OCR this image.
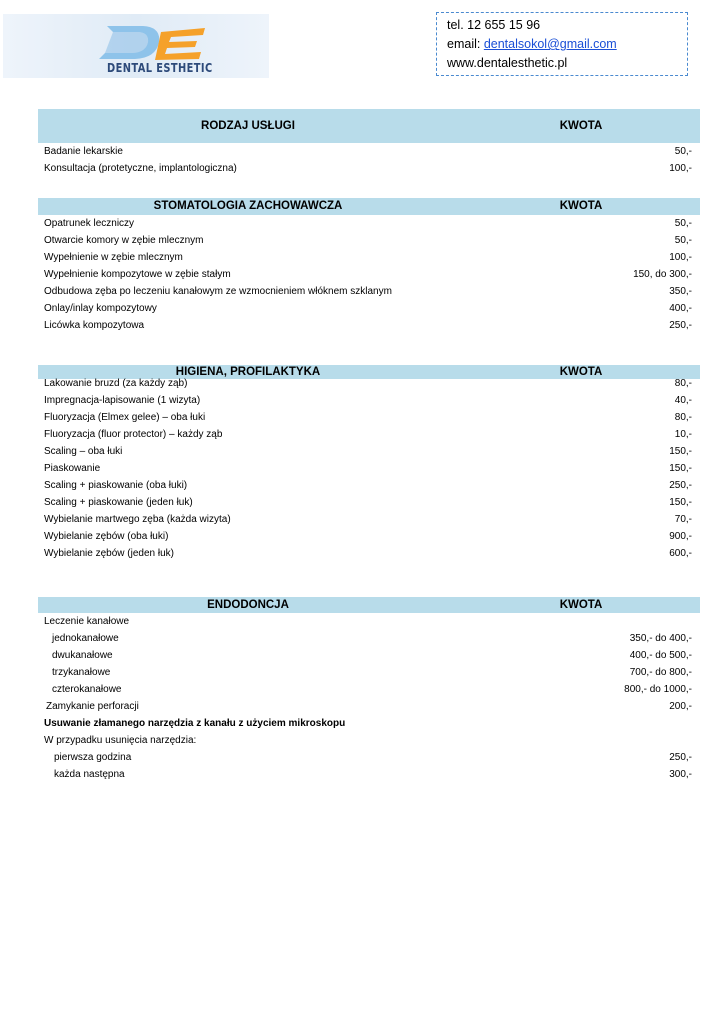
DENTAL ESTHETIC
tel. 12 655 15 96
email: dentalsokol@gmail.com
www.dentalesthetic.pl
RODZAJ USŁUGI	KWOTA
Badanie lekarskie	50,-
Konsultacja (protetyczne, implantologiczna)	100,-
STOMATOLOGIA ZACHOWAWCZA	KWOTA
Opatrunek leczniczy	50,-
Otwarcie komory w zębie mlecznym	50,-
Wypełnienie w zębie mlecznym	100,-
Wypełnienie kompozytowe w zębie stałym	150, do 300,-
Odbudowa zęba po leczeniu kanałowym ze wzmocnieniem włóknem szklanym	350,-
Onlay/inlay kompozytowy	400,-
Licówka kompozytowa	250,-
HIGIENA, PROFILAKTYKA	KWOTA
Lakowanie bruzd (za każdy ząb)	80,-
Impregnacja-lapisowanie (1 wizyta)	40,-
Fluoryzacja (Elmex gelee) – oba łuki	80,-
Fluoryzacja (fluor protector) – każdy ząb	10,-
Scaling – oba łuki	150,-
Piaskowanie	150,-
Scaling + piaskowanie (oba łuki)	250,-
Scaling + piaskowanie (jeden łuk)	150,-
Wybielanie martwego zęba (każda wizyta)	70,-
Wybielanie zębów (oba łuki)	900,-
Wybielanie zębów (jeden łuk)	600,-
ENDODONCJA	KWOTA
Leczenie kanałowe
jednokanałowe	350,- do 400,-
dwukanałowe	400,- do 500,-
trzykanałowe	700,- do 800,-
czterokanałowe	800,- do 1000,-
Zamykanie perforacji	200,-
Usuwanie złamanego narzędzia z kanału z użyciem mikroskopu
W przypadku usunięcia narzędzia:
pierwsza godzina	250,-
każda następna	300,-
